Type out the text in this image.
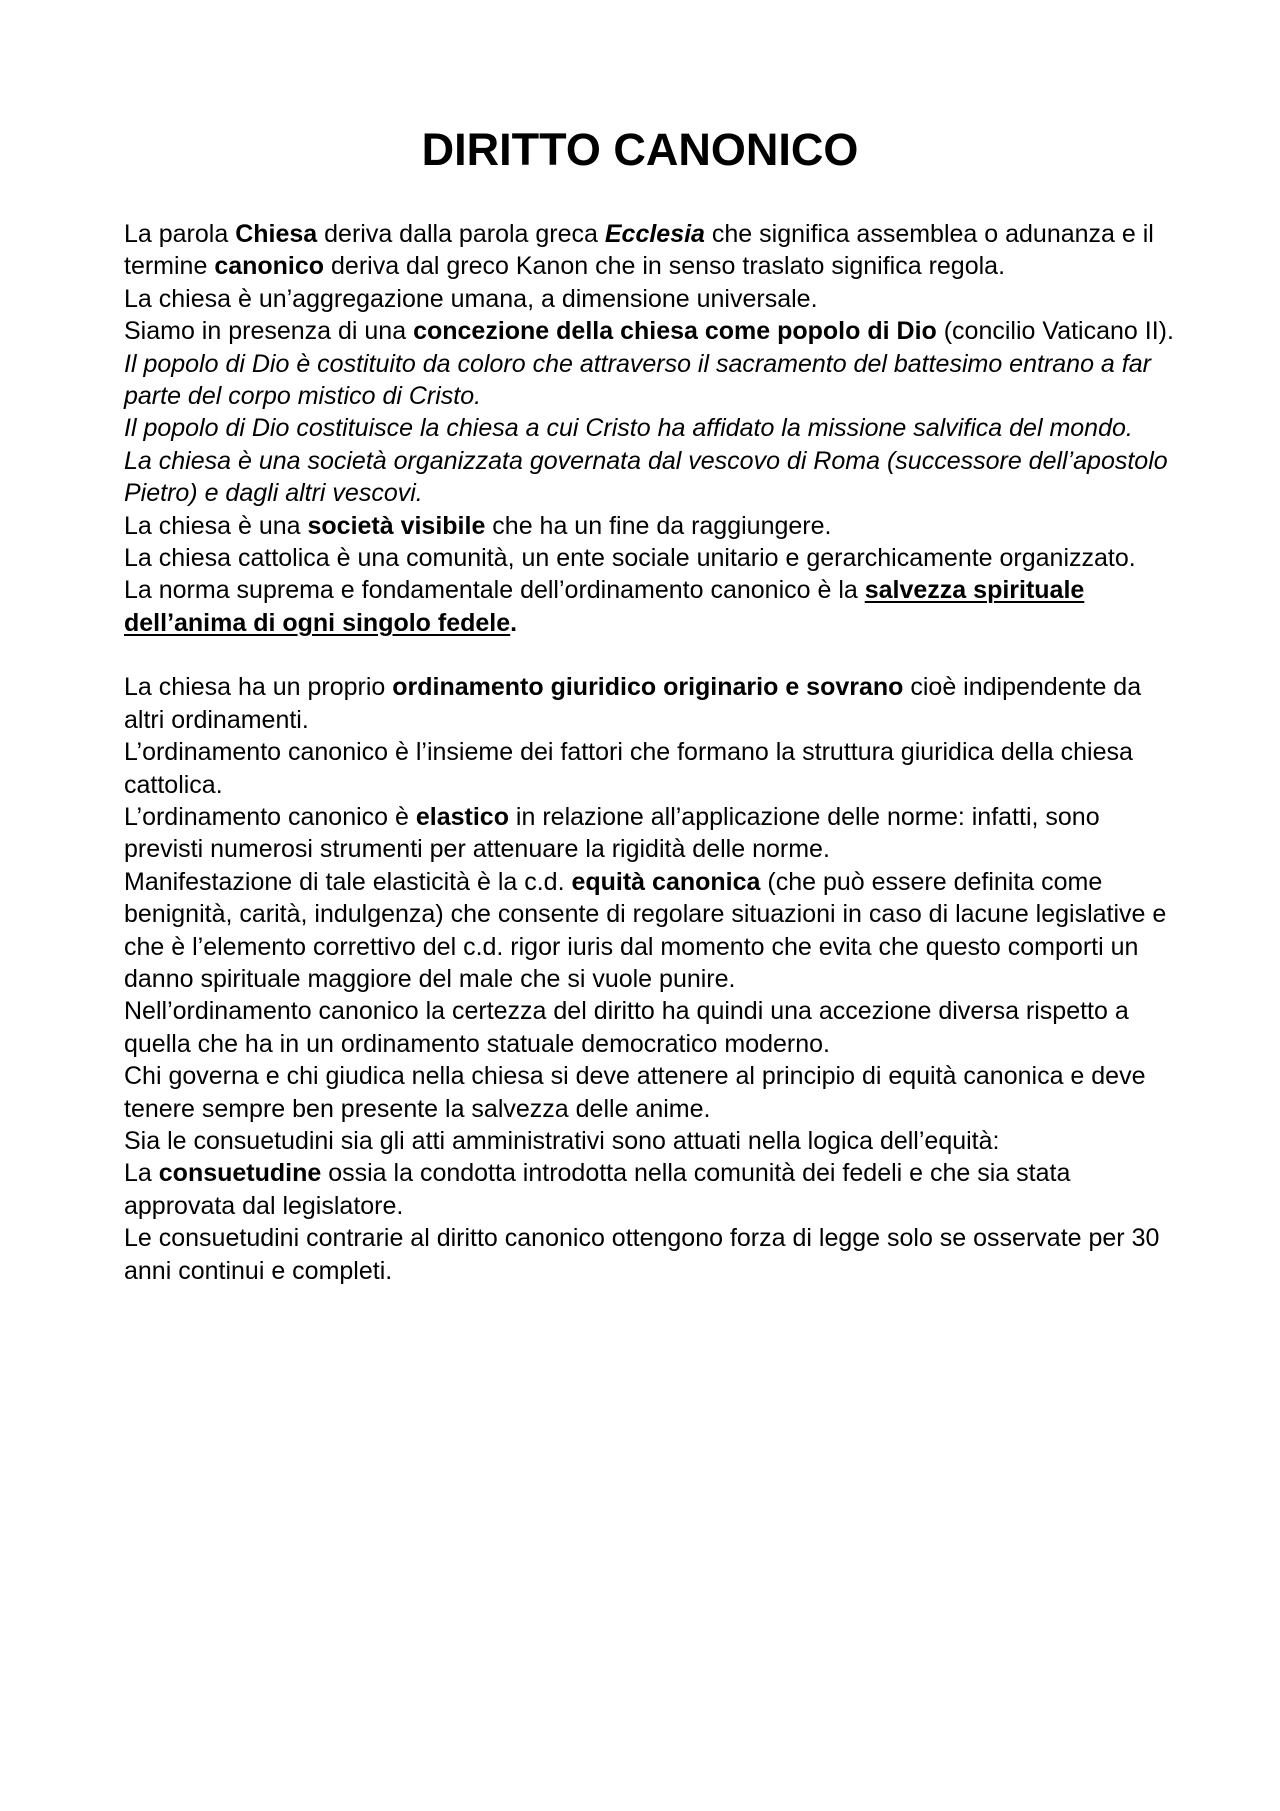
DIRITTO CANONICO

La parola Chiesa deriva dalla parola greca Ecclesia che significa assemblea o adunanza e il termine canonico deriva dal greco Kanon che in senso traslato significa regola.

La chiesa è un’aggregazione umana, a dimensione universale.

Siamo in presenza di una concezione della chiesa come popolo di Dio (concilio Vaticano II).

Il popolo di Dio è costituito da coloro che attraverso il sacramento del battesimo entrano a far parte del corpo mistico di Cristo.

Il popolo di Dio costituisce la chiesa a cui Cristo ha affidato la missione salvifica del mondo.

La chiesa è una società organizzata governata dal vescovo di Roma (successore dell’apostolo Pietro) e dagli altri vescovi.

La chiesa è una società visibile che ha un fine da raggiungere.

La chiesa cattolica è una comunità, un ente sociale unitario e gerarchicamente organizzato.

La norma suprema e fondamentale dell’ordinamento canonico è la salvezza spirituale dell’anima di ogni singolo fedele.

La chiesa ha un proprio ordinamento giuridico originario e sovrano cioè indipendente da altri ordinamenti.

L’ordinamento canonico è l’insieme dei fattori che formano la struttura giuridica della chiesa cattolica.

L’ordinamento canonico è elastico in relazione all’applicazione delle norme: infatti, sono previsti numerosi strumenti per attenuare la rigidità delle norme.

Manifestazione di tale elasticità è la c.d. equità canonica (che può essere definita come benignità, carità, indulgenza) che consente di regolare situazioni in caso di lacune legislative e che è l’elemento correttivo del c.d. rigor iuris dal momento che evita che questo comporti un danno spirituale maggiore del male che si vuole punire.

Nell’ordinamento canonico la certezza del diritto ha quindi una accezione diversa rispetto a quella che ha in un ordinamento statuale democratico moderno.

Chi governa e chi giudica nella chiesa si deve attenere al principio di equità canonica e deve tenere sempre ben presente la salvezza delle anime.

Sia le consuetudini sia gli atti amministrativi sono attuati nella logica dell’equità:

La consuetudine ossia la condotta introdotta nella comunità dei fedeli e che sia stata approvata dal legislatore.

Le consuetudini contrarie al diritto canonico ottengono forza di legge solo se osservate per 30 anni continui e completi.
